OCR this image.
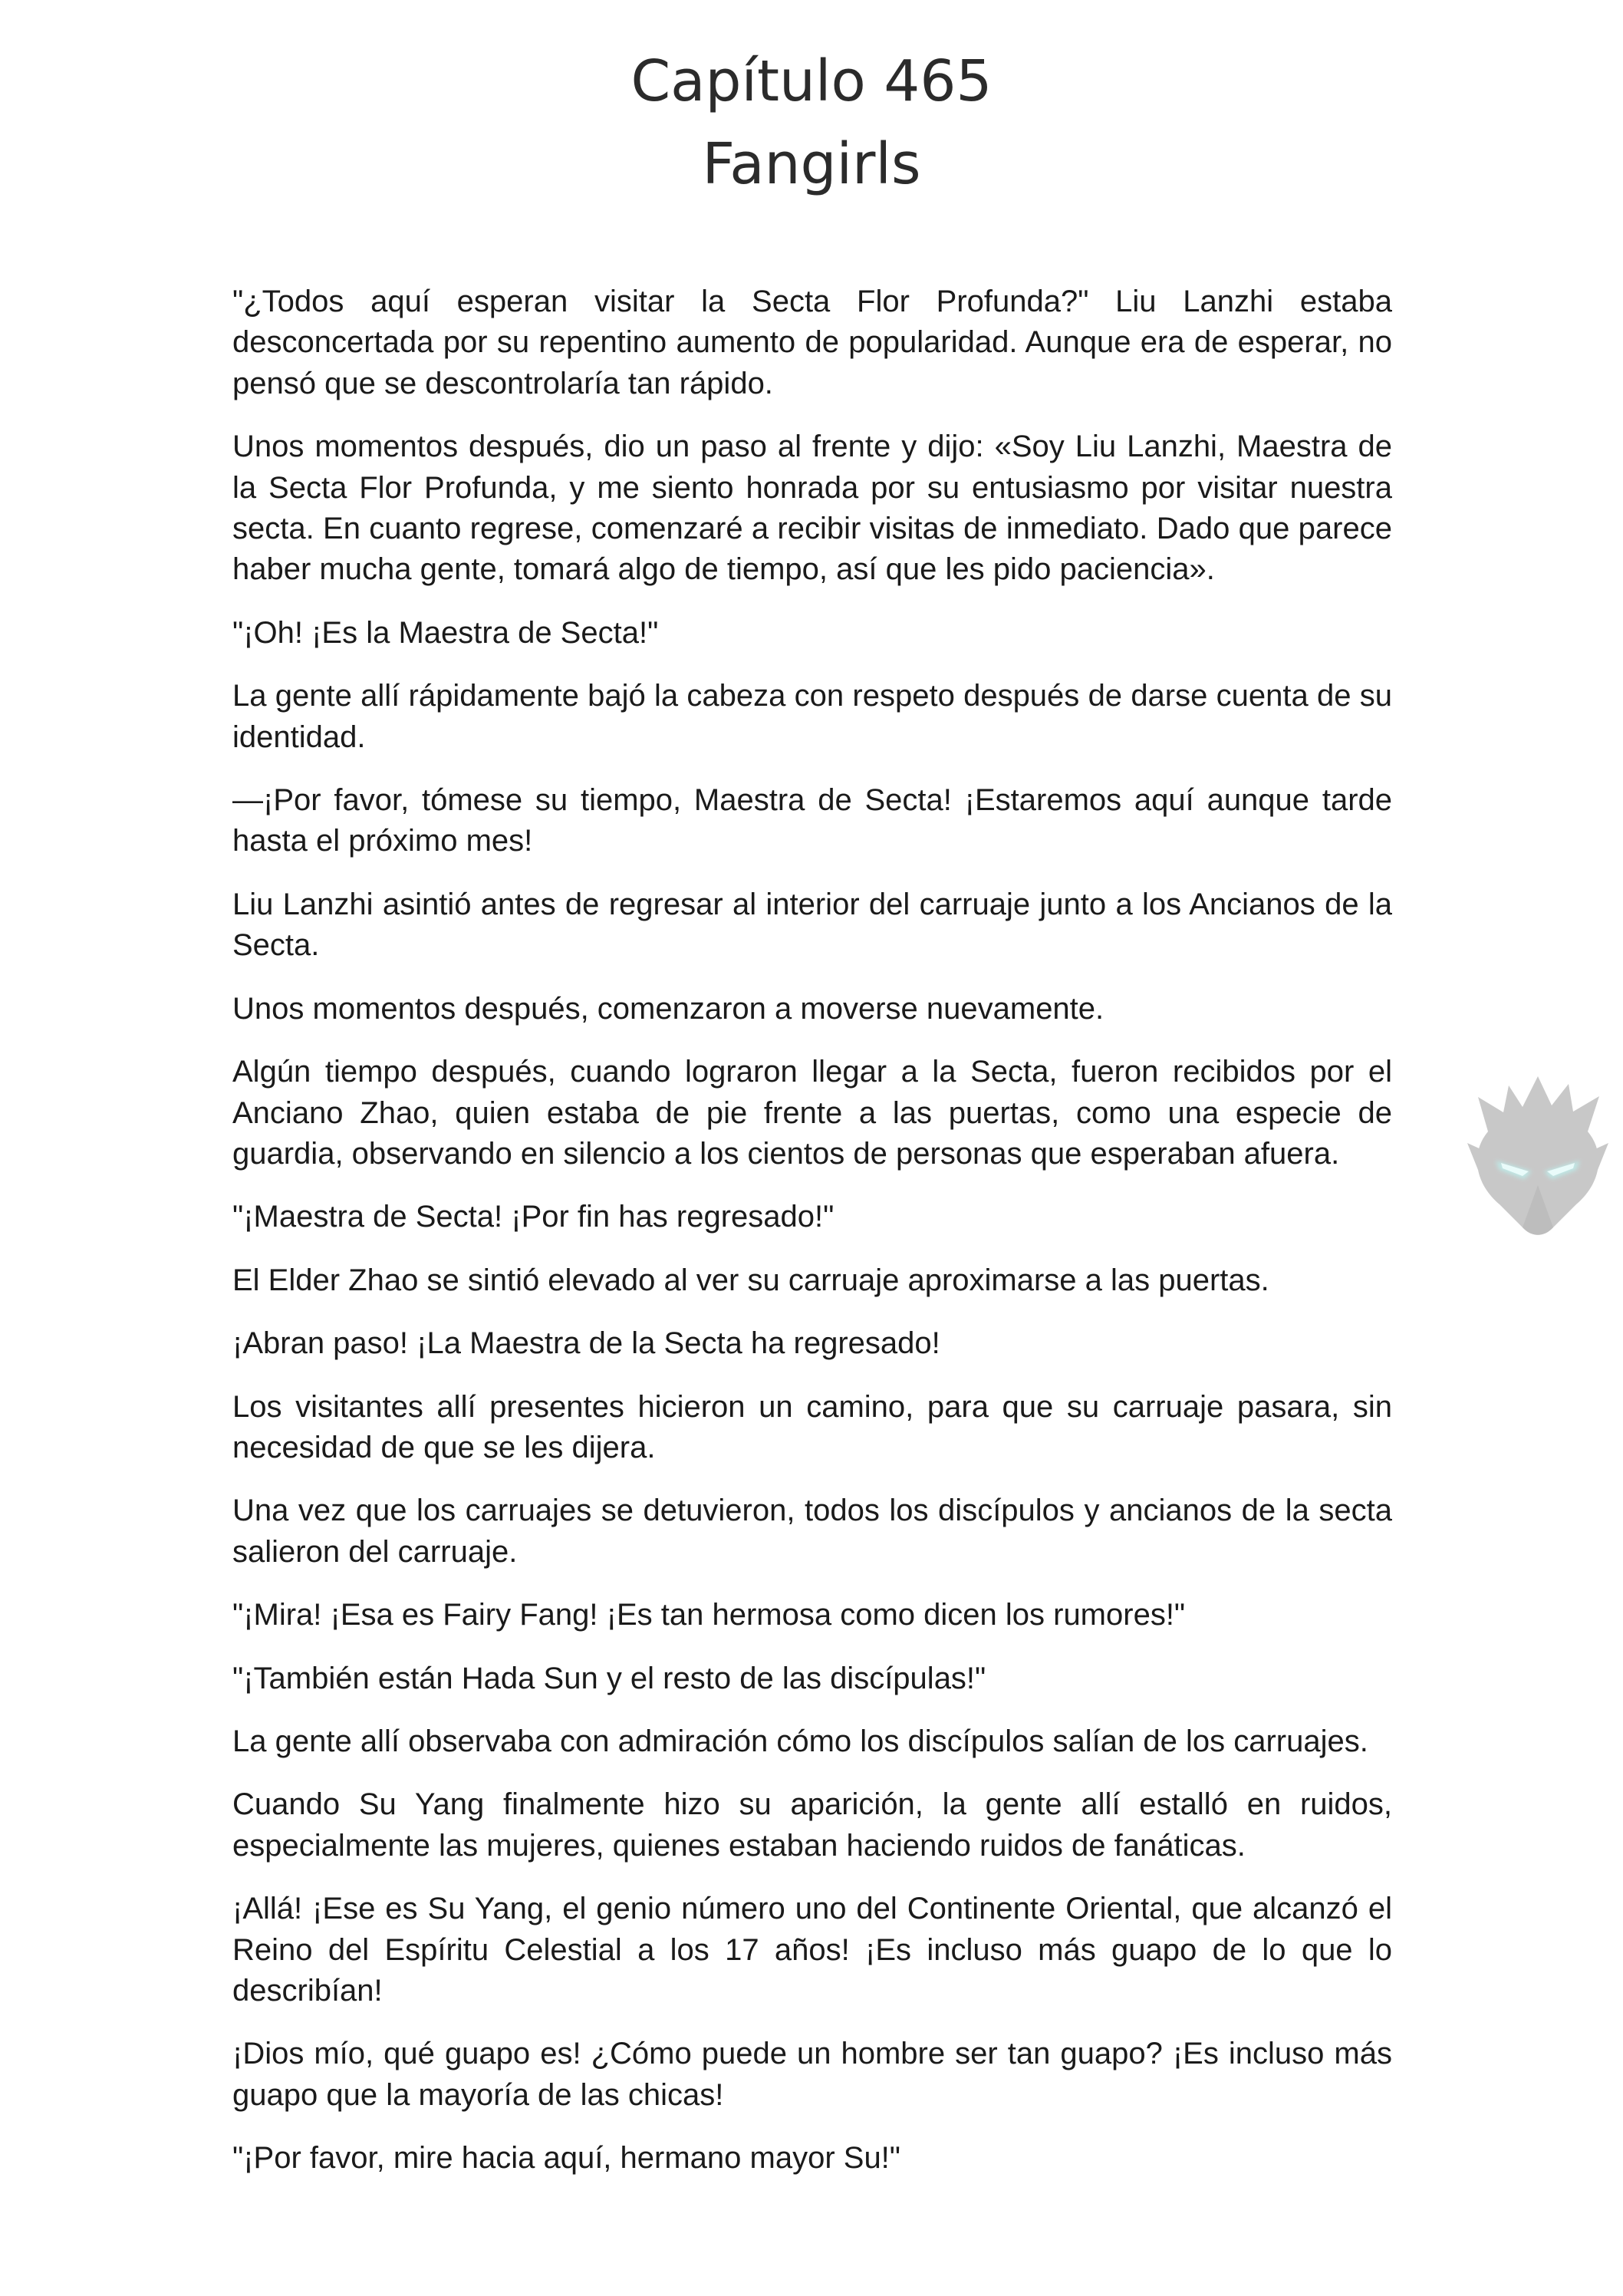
Capítulo 465
Fangirls

"¿Todos aquí esperan visitar la Secta Flor Profunda?" Liu Lanzhi estaba desconcertada por su repentino aumento de popularidad. Aunque era de esperar, no pensó que se descontrolaría tan rápido.

Unos momentos después, dio un paso al frente y dijo: «Soy Liu Lanzhi, Maestra de la Secta Flor Profunda, y me siento honrada por su entusiasmo por visitar nuestra secta. En cuanto regrese, comenzaré a recibir visitas de inmediato. Dado que parece haber mucha gente, tomará algo de tiempo, así que les pido paciencia».

"¡Oh! ¡Es la Maestra de Secta!"

La gente allí rápidamente bajó la cabeza con respeto después de darse cuenta de su identidad.

—¡Por favor, tómese su tiempo, Maestra de Secta! ¡Estaremos aquí aunque tarde hasta el próximo mes!

Liu Lanzhi asintió antes de regresar al interior del carruaje junto a los Ancianos de la Secta.

Unos momentos después, comenzaron a moverse nuevamente.

Algún tiempo después, cuando lograron llegar a la Secta, fueron recibidos por el Anciano Zhao, quien estaba de pie frente a las puertas, como una especie de guardia, observando en silencio a los cientos de personas que esperaban afuera.

"¡Maestra de Secta! ¡Por fin has regresado!"

El Elder Zhao se sintió elevado al ver su carruaje aproximarse a las puertas.

¡Abran paso! ¡La Maestra de la Secta ha regresado!

Los visitantes allí presentes hicieron un camino, para que su carruaje pasara, sin necesidad de que se les dijera.

Una vez que los carruajes se detuvieron, todos los discípulos y ancianos de la secta salieron del carruaje.

"¡Mira! ¡Esa es Fairy Fang! ¡Es tan hermosa como dicen los rumores!"

"¡También están Hada Sun y el resto de las discípulas!"

La gente allí observaba con admiración cómo los discípulos salían de los carruajes.

Cuando Su Yang finalmente hizo su aparición, la gente allí estalló en ruidos, especialmente las mujeres, quienes estaban haciendo ruidos de fanáticas.

¡Allá! ¡Ese es Su Yang, el genio número uno del Continente Oriental, que alcanzó el Reino del Espíritu Celestial a los 17 años! ¡Es incluso más guapo de lo que lo describían!

¡Dios mío, qué guapo es! ¿Cómo puede un hombre ser tan guapo? ¡Es incluso más guapo que la mayoría de las chicas!

"¡Por favor, mire hacia aquí, hermano mayor Su!"
